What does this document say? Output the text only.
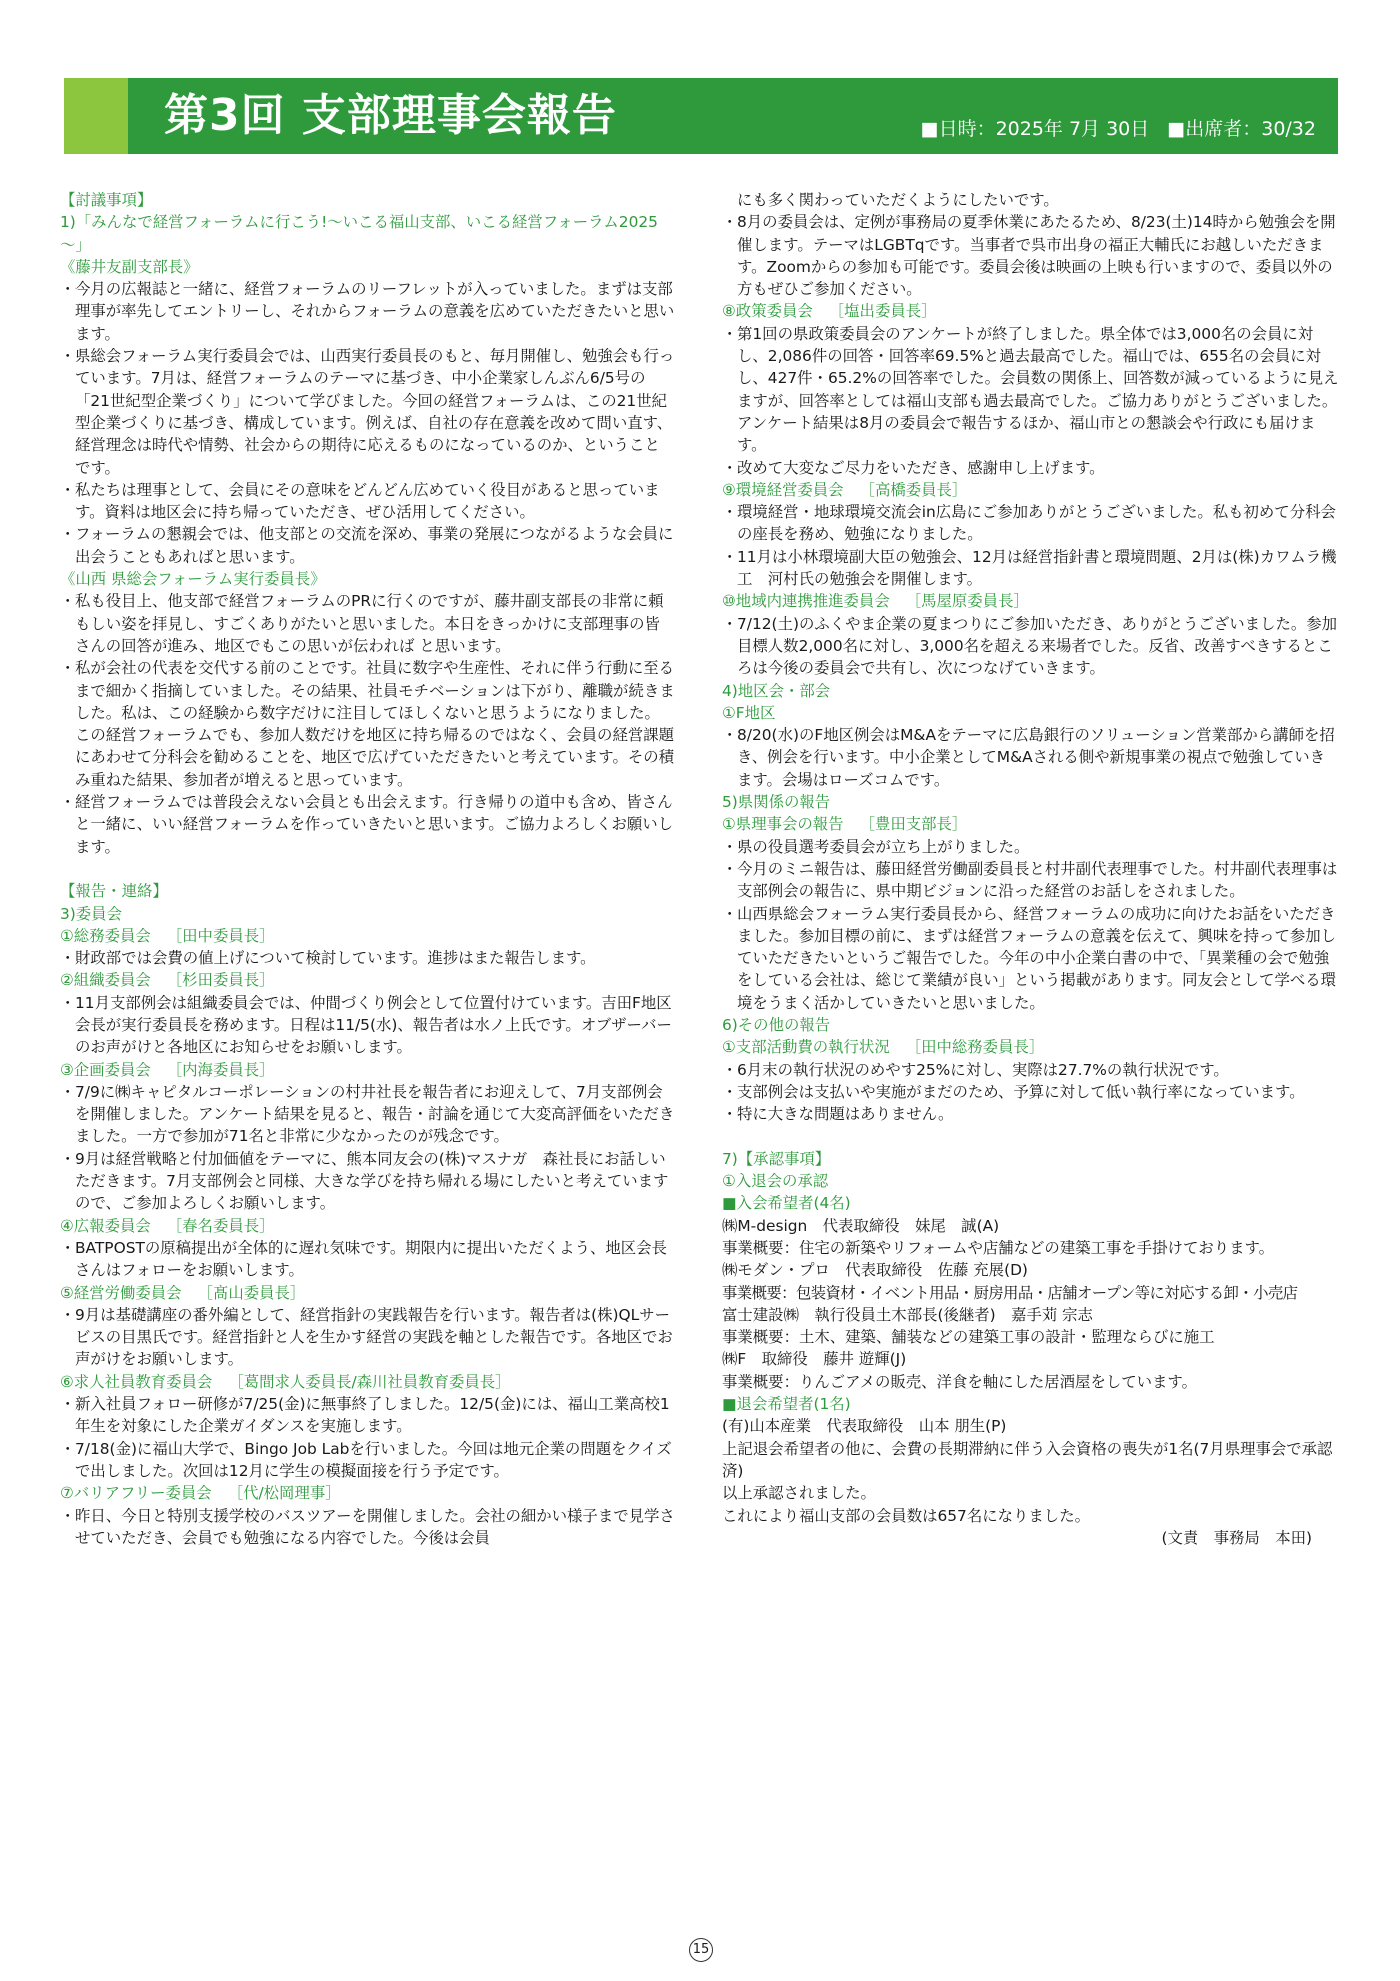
第3回 支部理事会報告	■日時：2025年 7月 30日 ■出席者：30/32

【討議事項】

1)「みんなで経営フォーラムに行こう!～いこる福山支部、いこる経営フォーラム2025～」

《藤井友副支部長》

・ 今月の広報誌と一緒に、経営フォーラムのリーフレットが入っていました。まずは支部理事が率先してエントリーし、それからフォーラムの意義を広めていただきたいと思います。

・ 県総会フォーラム実行委員会では、山西実行委員長のもと、毎月開催し、勉強会も行っています。7月は、経営フォーラムのテーマに基づき、中小企業家しんぶん6/5号の「21世紀型企業づくり」について学びました。今回の経営フォーラムは、この21世紀型企業づくりに基づき、構成しています。例えば、自社の存在意義を改めて問い直す、経営理念は時代や情勢、社会からの期待に応えるものになっているのか、ということです。

・ 私たちは理事として、会員にその意味をどんどん広めていく役目があると思っています。資料は地区会に持ち帰っていただき、ぜひ活用してください。

・ フォーラムの懇親会では、他支部との交流を深め、事業の発展につながるような会員に出会うこともあればと思います。

《山西 県総会フォーラム実行委員長》

・ 私も役目上、他支部で経営フォーラムのPRに行くのですが、藤井副支部長の非常に頼もしい姿を拝見し、すごくありがたいと思いました。本日をきっかけに支部理事の皆さんの回答が進み、地区でもこの思いが伝われば と思います。

・ 私が会社の代表を交代する前のことです。社員に数字や生産性、それに伴う行動に至るまで細かく指摘していました。その結果、社員モチベーションは下がり、離職が続きました。私は、この経験から数字だけに注目してほしくないと思うようになりました。この経営フォーラムでも、参加人数だけを地区に持ち帰るのではなく、会員の経営課題にあわせて分科会を勧めることを、地区で広げていただきたいと考えています。その積み重ねた結果、参加者が増えると思っています。

・ 経営フォーラムでは普段会えない会員とも出会えます。行き帰りの道中も含め、皆さんと一緒に、いい経営フォーラムを作っていきたいと思います。ご協力よろしくお願いします。

【報告・連絡】

3)委員会

①総務委員会 ［田中委員長］

・ 財政部では会費の値上げについて検討しています。進捗はまた報告します。

②組織委員会 ［杉田委員長］

・ 11月支部例会は組織委員会では、仲間づくり例会として位置付けています。吉田F地区会長が実行委員長を務めます。日程は11/5(水)、報告者は水ノ上氏です。オブザーバーのお声がけと各地区にお知らせをお願いします。

③企画委員会 ［内海委員長］

・ 7/9に㈱キャピタルコーポレーションの村井社長を報告者にお迎えして、7月支部例会を開催しました。アンケート結果を見ると、報告・討論を通じて大変高評価をいただきました。一方で参加が71名と非常に少なかったのが残念です。

・ 9月は経営戦略と付加価値をテーマに、熊本同友会の(株)マスナガ　森社長にお話しいただきます。7月支部例会と同様、大きな学びを持ち帰れる場にしたいと考えていますので、ご参加よろしくお願いします。

④広報委員会 ［春名委員長］

・ BATPOSTの原稿提出が全体的に遅れ気味です。期限内に提出いただくよう、地区会長さんはフォローをお願いします。

⑤経営労働委員会 ［髙山委員長］

・ 9月は基礎講座の番外編として、経営指針の実践報告を行います。報告者は(株)QLサービスの目黒氏です。経営指針と人を生かす経営の実践を軸とした報告です。各地区でお声がけをお願いします。

⑥求人社員教育委員会 ［葛間求人委員長/森川社員教育委員長］

・ 新入社員フォロー研修が7/25(金)に無事終了しました。12/5(金)には、福山工業高校1年生を対象にした企業ガイダンスを実施します。

・ 7/18(金)に福山大学で、Bingo Job Labを行いました。今回は地元企業の問題をクイズで出しました。次回は12月に学生の模擬面接を行う予定です。

⑦バリアフリー委員会 ［代/松岡理事］

・ 昨日、今日と特別支援学校のバスツアーを開催しました。会社の細かい様子まで見学させていただき、会員でも勉強になる内容でした。今後は会員

にも多く関わっていただくようにしたいです。

・ 8月の委員会は、定例が事務局の夏季休業にあたるため、8/23(土)14時から勉強会を開催します。テーマはLGBTqです。当事者で呉市出身の福正大輔氏にお越しいただきます。Zoomからの参加も可能です。委員会後は映画の上映も行いますので、委員以外の方もぜひご参加ください。

⑧政策委員会 ［塩出委員長］

・ 第1回の県政策委員会のアンケートが終了しました。県全体では3,000名の会員に対し、2,086件の回答・回答率69.5%と過去最高でした。福山では、655名の会員に対し、427件・65.2%の回答率でした。会員数の関係上、回答数が減っているように見えますが、回答率としては福山支部も過去最高でした。ご協力ありがとうございました。アンケート結果は8月の委員会で報告するほか、福山市との懇談会や行政にも届けます。

・ 改めて大変なご尽力をいただき、感謝申し上げます。

⑨環境経営委員会 ［高橋委員長］

・ 環境経営・地球環境交流会in広島にご参加ありがとうございました。私も初めて分科会の座長を務め、勉強になりました。

・ 11月は小林環境副大臣の勉強会、12月は経営指針書と環境問題、2月は(株)カワムラ機工　河村氏の勉強会を開催します。

⑩地域内連携推進委員会 ［馬屋原委員長］

・ 7/12(土)のふくやま企業の夏まつりにご参加いただき、ありがとうございました。参加目標人数2,000名に対し、3,000名を超える来場者でした。反省、改善すべきするところは今後の委員会で共有し、次につなげていきます。

4)地区会・部会

①F地区

・ 8/20(水)のF地区例会はM&Aをテーマに広島銀行のソリューション営業部から講師を招き、例会を行います。中小企業としてM&Aされる側や新規事業の視点で勉強していきます。会場はローズコムです。

5)県関係の報告

①県理事会の報告 ［豊田支部長］

・ 県の役員選考委員会が立ち上がりました。

・ 今月のミニ報告は、藤田経営労働副委員長と村井副代表理事でした。村井副代表理事は支部例会の報告に、県中期ビジョンに沿った経営のお話しをされました。

・ 山西県総会フォーラム実行委員長から、経営フォーラムの成功に向けたお話をいただきました。参加目標の前に、まずは経営フォーラムの意義を伝えて、興味を持って参加していただきたいというご報告でした。今年の中小企業白書の中で、「異業種の会で勉強をしている会社は、総じて業績が良い」という掲載があります。同友会として学べる環境をうまく活かしていきたいと思いました。

6)その他の報告

①支部活動費の執行状況 ［田中総務委員長］

・ 6月末の執行状況のめやす25%に対し、実際は27.7%の執行状況です。

・ 支部例会は支払いや実施がまだのため、予算に対して低い執行率になっています。

・ 特に大きな問題はありません。

7)【承認事項】

①入退会の承認

■ 入会希望者(4名)

㈱M-design　代表取締役　妹尾　誠(A)

事業概要：住宅の新築やリフォームや店舗などの建築工事を手掛けております。

㈱モダン・プロ　代表取締役　佐藤 充展(D)

事業概要：包装資材・イベント用品・厨房用品・店舗オープン等に対応する卸・小売店

富士建設㈱　執行役員土木部長(後継者)　嘉手苅 宗志

事業概要：土木、建築、舗装などの建築工事の設計・監理ならびに施工

㈱F　取締役　藤井 遊輝(J)

事業概要：りんごアメの販売、洋食を軸にした居酒屋をしています。

■ 退会希望者(1名)

(有)山本産業　代表取締役　山本 朋生(P)

上記退会希望者の他に、会費の長期滞納に伴う入会資格の喪失が1名(7月県理事会で承認済)

以上承認されました。

これにより福山支部の会員数は657名になりました。

(文責　事務局　本田)

15
